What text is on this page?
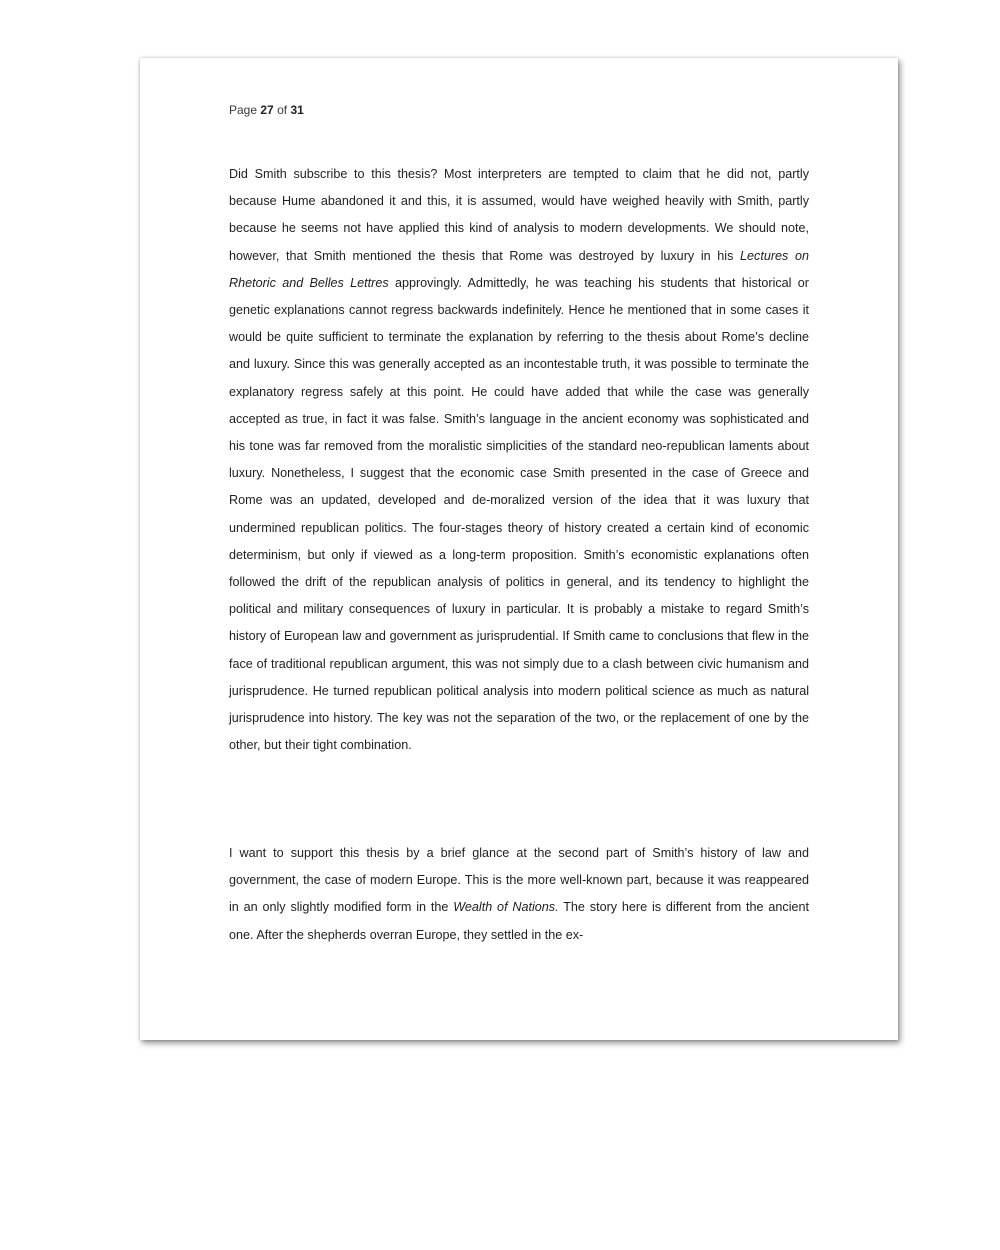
Page 27 of 31

Did Smith subscribe to this thesis? Most interpreters are tempted to claim that he did not, partly because Hume abandoned it and this, it is assumed, would have weighed heavily with Smith, partly because he seems not have applied this kind of analysis to modern developments. We should note, however, that Smith mentioned the thesis that Rome was destroyed by luxury in his Lectures on Rhetoric and Belles Lettres approvingly. Admittedly, he was teaching his students that historical or genetic explanations cannot regress backwards indefinitely. Hence he mentioned that in some cases it would be quite sufficient to terminate the explanation by referring to the thesis about Rome’s decline and luxury. Since this was generally accepted as an incontestable truth, it was possible to terminate the explanatory regress safely at this point. He could have added that while the case was generally accepted as true, in fact it was false. Smith’s language in the ancient economy was sophisticated and his tone was far removed from the moralistic simplicities of the standard neo-republican laments about luxury. Nonetheless, I suggest that the economic case Smith presented in the case of Greece and Rome was an updated, developed and de-moralized version of the idea that it was luxury that undermined republican politics. The four-stages theory of history created a certain kind of economic determinism, but only if viewed as a long-term proposition. Smith’s economistic explanations often followed the drift of the republican analysis of politics in general, and its tendency to highlight the political and military consequences of luxury in particular. It is probably a mistake to regard Smith’s history of European law and government as jurisprudential. If Smith came to conclusions that flew in the face of traditional republican argument, this was not simply due to a clash between civic humanism and jurisprudence. He turned republican political analysis into modern political science as much as natural jurisprudence into history. The key was not the separation of the two, or the replacement of one by the other, but their tight combination.

I want to support this thesis by a brief glance at the second part of Smith’s history of law and government, the case of modern Europe. This is the more well-known part, because it was reappeared in an only slightly modified form in the Wealth of Nations. The story here is different from the ancient one. After the shepherds overran Europe, they settled in the ex-
